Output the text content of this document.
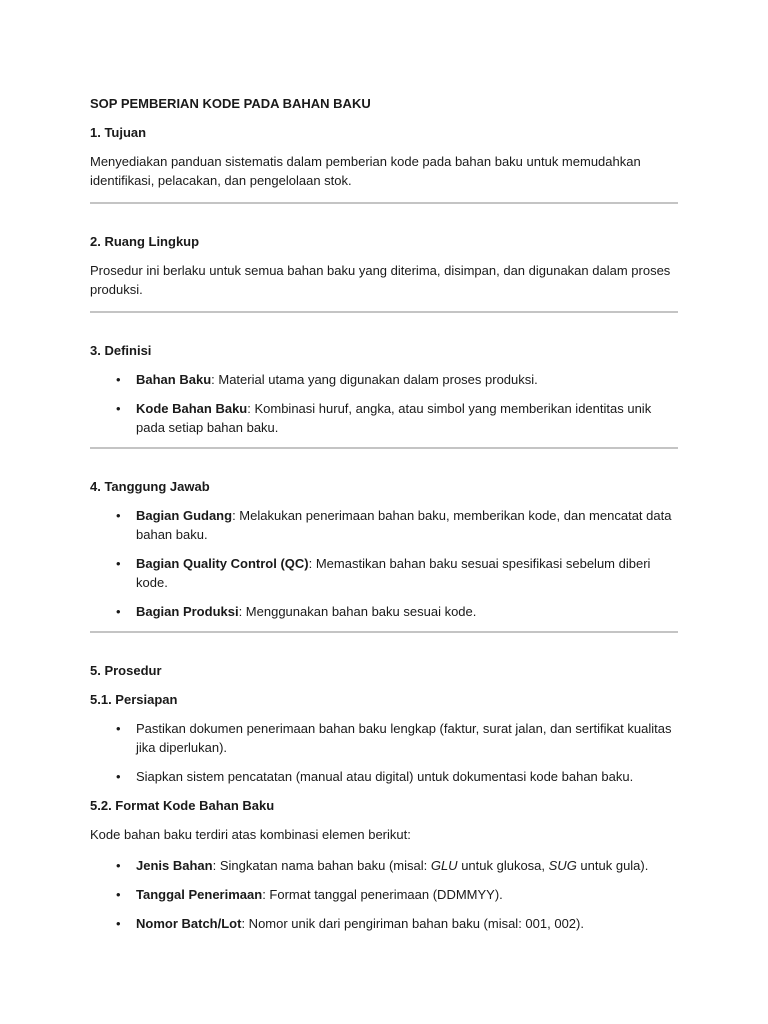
SOP PEMBERIAN KODE PADA BAHAN BAKU
1. Tujuan
Menyediakan panduan sistematis dalam pemberian kode pada bahan baku untuk memudahkan identifikasi, pelacakan, dan pengelolaan stok.
2. Ruang Lingkup
Prosedur ini berlaku untuk semua bahan baku yang diterima, disimpan, dan digunakan dalam proses produksi.
3. Definisi
• Bahan Baku: Material utama yang digunakan dalam proses produksi.
• Kode Bahan Baku: Kombinasi huruf, angka, atau simbol yang memberikan identitas unik pada setiap bahan baku.
4. Tanggung Jawab
• Bagian Gudang: Melakukan penerimaan bahan baku, memberikan kode, dan mencatat data bahan baku.
• Bagian Quality Control (QC): Memastikan bahan baku sesuai spesifikasi sebelum diberi kode.
• Bagian Produksi: Menggunakan bahan baku sesuai kode.
5. Prosedur
5.1. Persiapan
• Pastikan dokumen penerimaan bahan baku lengkap (faktur, surat jalan, dan sertifikat kualitas jika diperlukan).
• Siapkan sistem pencatatan (manual atau digital) untuk dokumentasi kode bahan baku.
5.2. Format Kode Bahan Baku
Kode bahan baku terdiri atas kombinasi elemen berikut:
• Jenis Bahan: Singkatan nama bahan baku (misal: GLU untuk glukosa, SUG untuk gula).
• Tanggal Penerimaan: Format tanggal penerimaan (DDMMYY).
• Nomor Batch/Lot: Nomor unik dari pengiriman bahan baku (misal: 001, 002).
